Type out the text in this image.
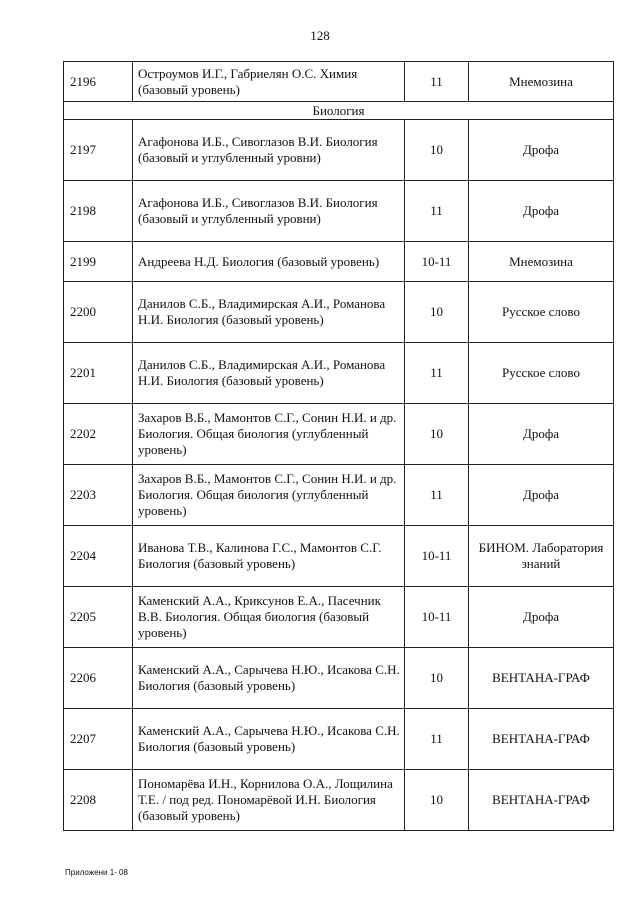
128
2196	Остроумов И.Г., Габриелян О.С. Химия (базовый уровень)	11	Мнемозина
Биология			
2197	Агафонова И.Б., Сивоглазов В.И. Биология (базовый и углубленный уровни)	10	Дрофа
2198	Агафонова И.Б., Сивоглазов В.И. Биология (базовый и углубленный уровни)	11	Дрофа
2199	Андреева Н.Д. Биология (базовый уровень)	10-11	Мнемозина
2200	Данилов С.Б., Владимирская А.И., Романова Н.И. Биология (базовый уровень)	10	Русское слово
2201	Данилов С.Б., Владимирская А.И., Романова Н.И. Биология (базовый уровень)	11	Русское слово
2202	Захаров В.Б., Мамонтов С.Г., Сонин Н.И. и др. Биология. Общая биология (углубленный уровень)	10	Дрофа
2203	Захаров В.Б., Мамонтов С.Г., Сонин Н.И. и др. Биология. Общая биология (углубленный уровень)	11	Дрофа
2204	Иванова Т.В., Калинова Г.С., Мамонтов С.Г. Биология (базовый уровень)	10-11	БИНОМ. Лаборатория знаний
2205	Каменский А.А., Криксунов Е.А., Пасечник В.В. Биология. Общая биология (базовый уровень)	10-11	Дрофа
2206	Каменский А.А., Сарычева Н.Ю., Исакова С.Н. Биология (базовый уровень)	10	ВЕНТАНА-ГРАФ
2207	Каменский А.А., Сарычева Н.Ю., Исакова С.Н. Биология (базовый уровень)	11	ВЕНТАНА-ГРАФ
2208	Пономарёва И.Н., Корнилова О.А., Лощилина Т.Е. / под ред. Пономарёвой И.Н. Биология (базовый уровень)	10	ВЕНТАНА-ГРАФ
Приложени 1- 08
